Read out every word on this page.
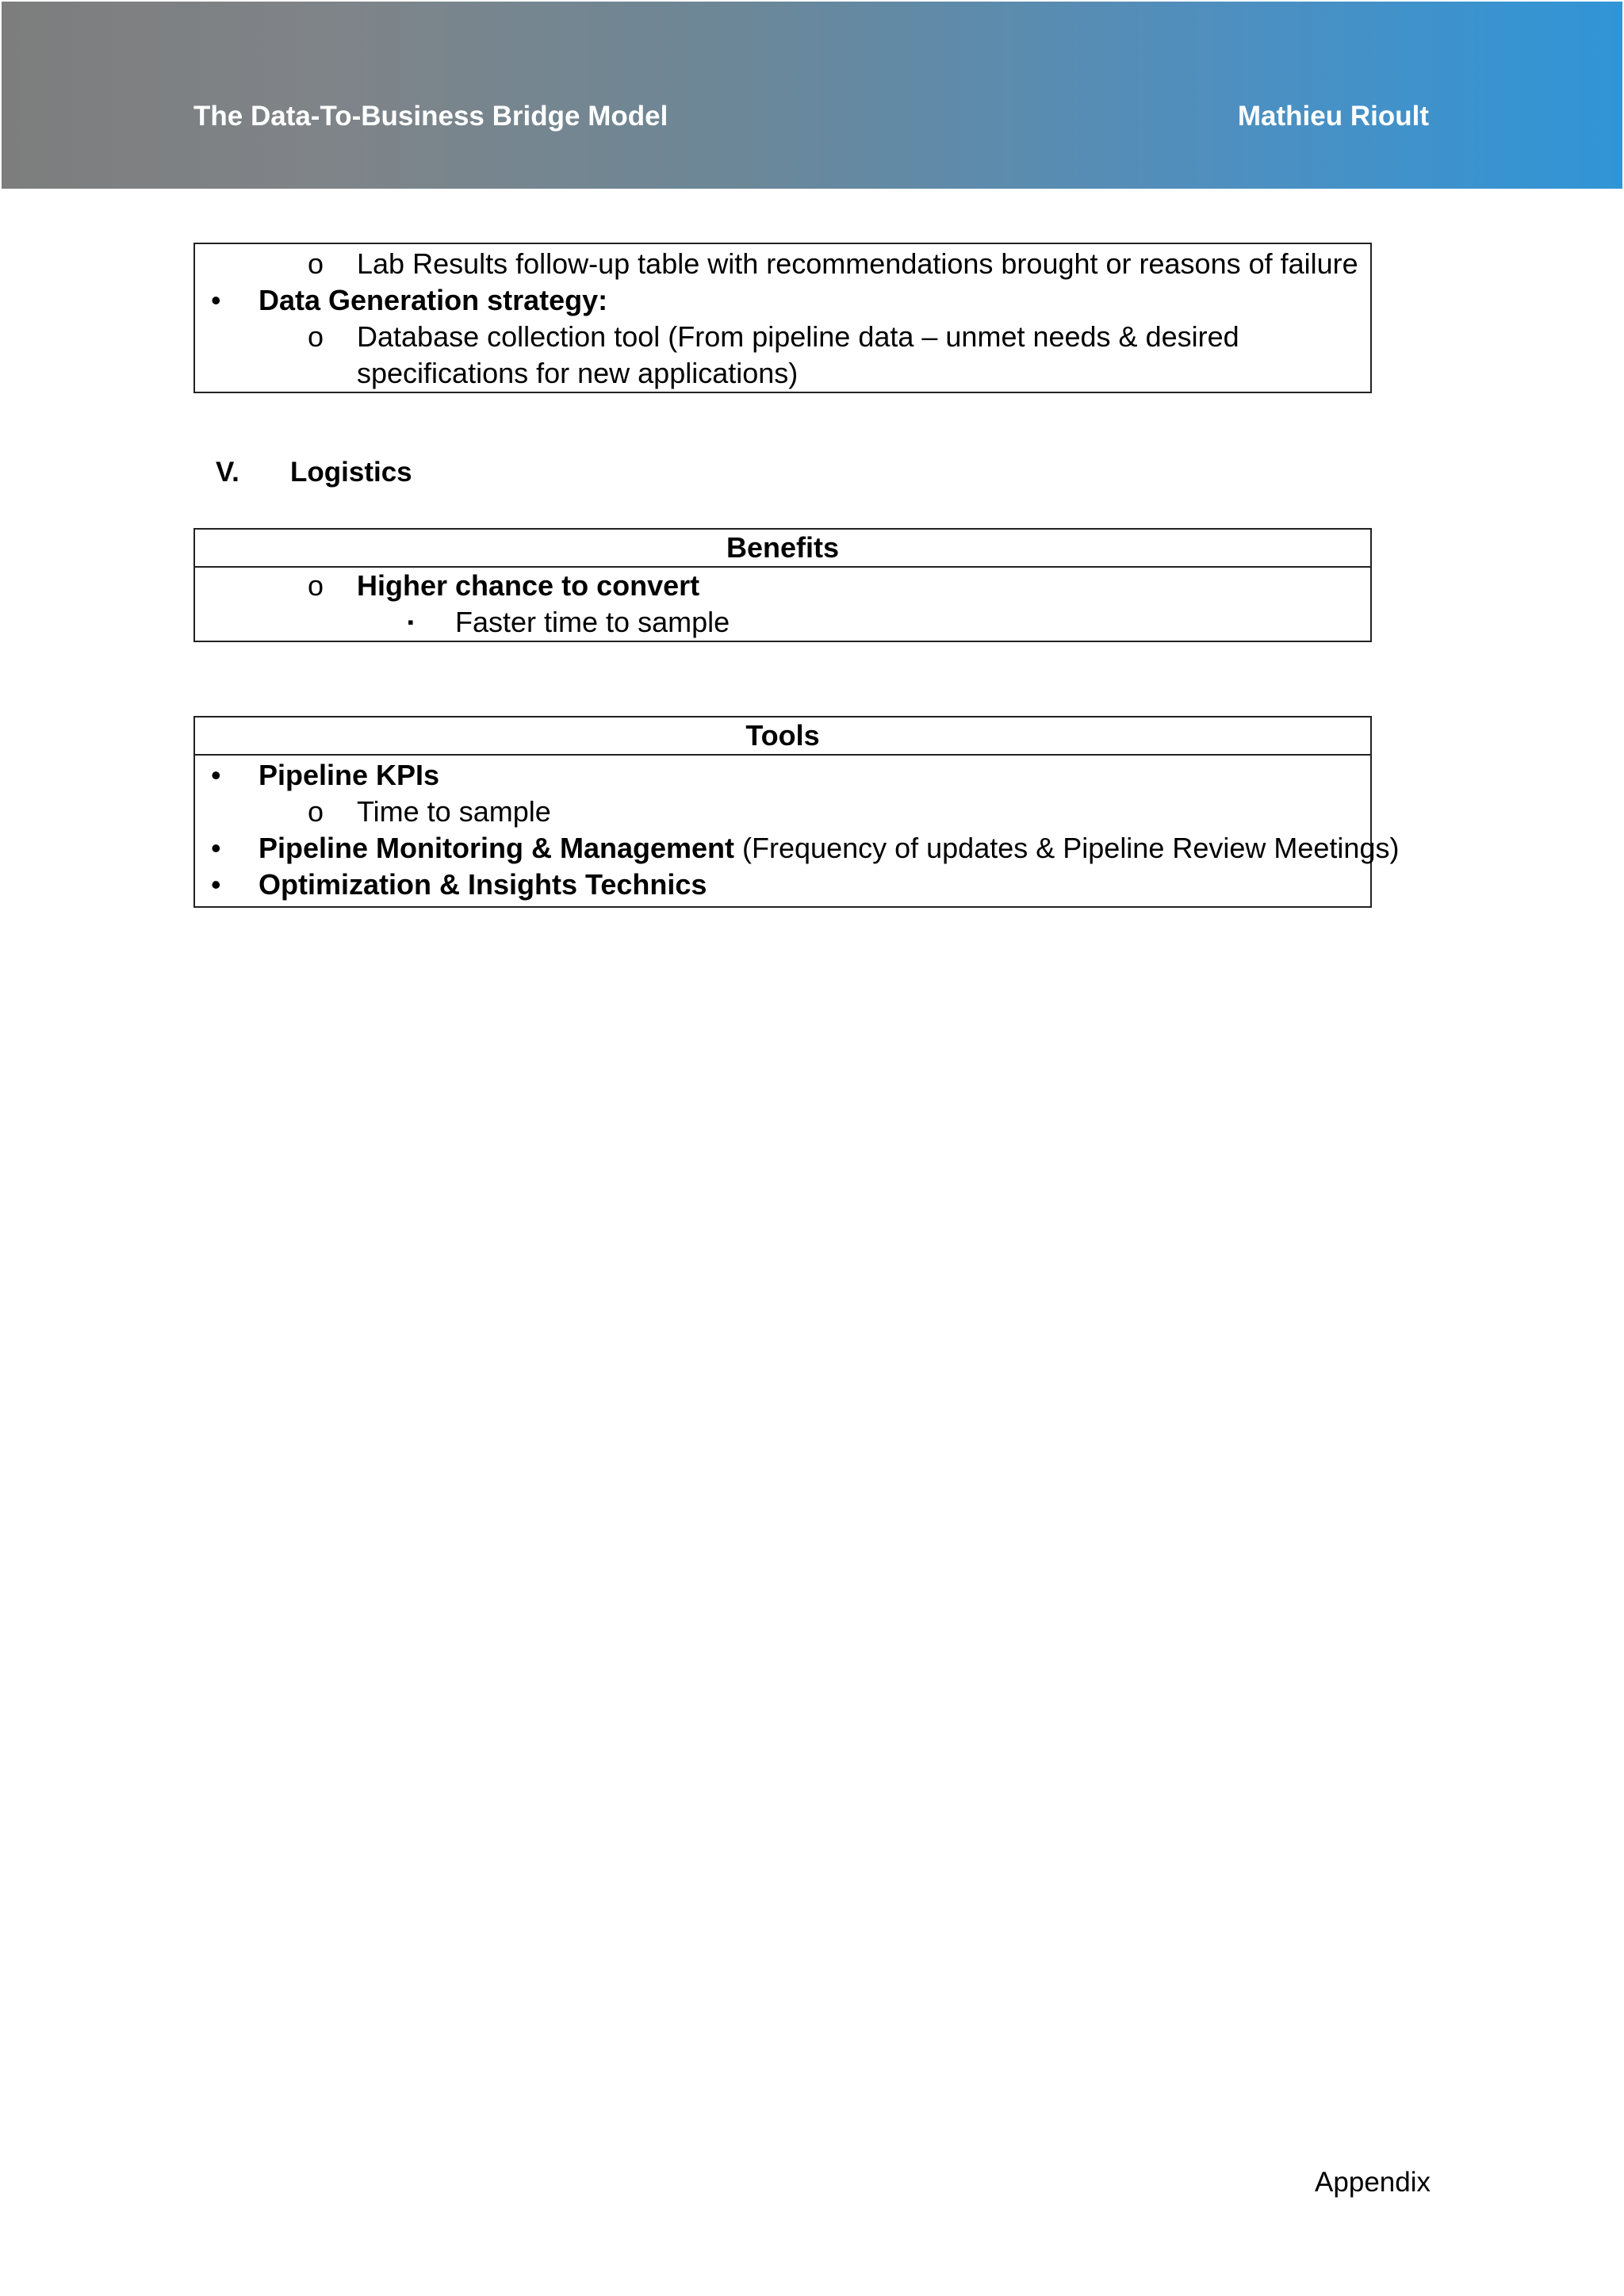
The Data-To-Business Bridge Model	Mathieu Rioult
o Lab Results follow-up table with recommendations brought or reasons of failure
• Data Generation strategy:
o Database collection tool (From pipeline data – unmet needs & desired
specifications for new applications)
V. Logistics
Benefits
o Higher chance to convert
▪ Faster time to sample
Tools
• Pipeline KPIs
o Time to sample
• Pipeline Monitoring & Management (Frequency of updates & Pipeline Review Meetings)
• Optimization & Insights Technics
Appendix
